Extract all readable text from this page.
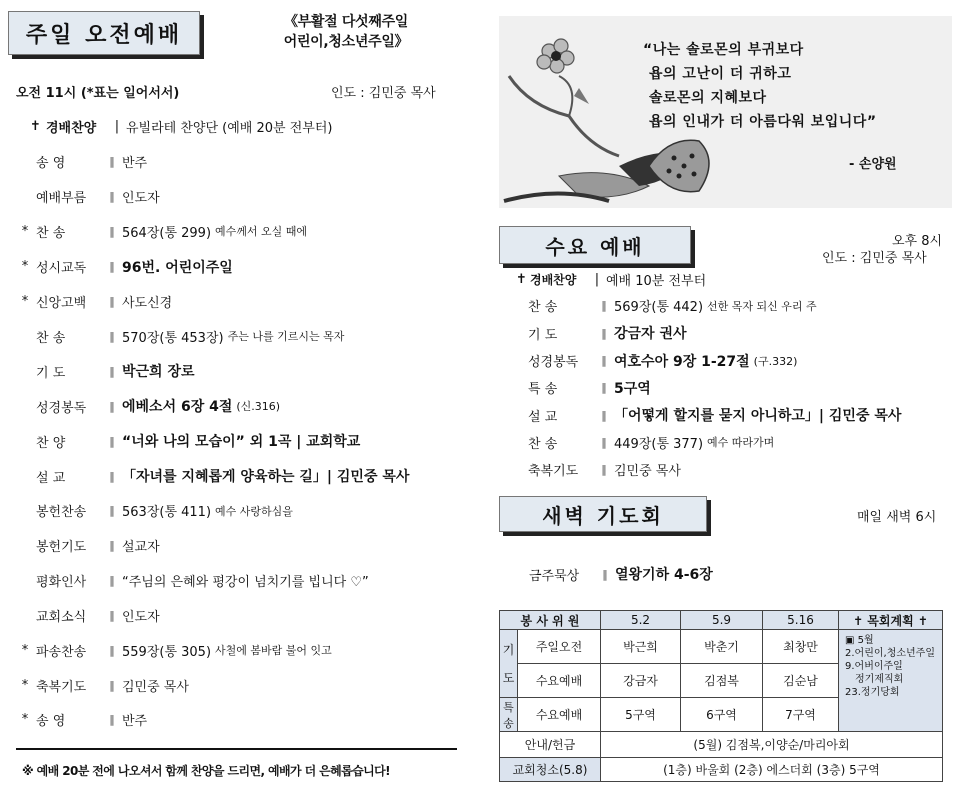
주일 오전예배
《부활절 다섯째주일
어린이,청소년주일》
오전 11시 (*표는 일어서서)	인도 : 김민중 목사
✝ 경배찬양	| 유빌라테 찬양단 (예배 20분 전부터)
송 영	‖ 반주
예배부름	‖ 인도자
* 찬 송	‖ 564장(통 299) 예수께서 오실 때에
* 성시교독	‖ 96번. 어린이주일
* 신앙고백	‖ 사도신경
찬 송	‖ 570장(통 453장) 주는 나를 기르시는 목자
기 도	‖ 박근희 장로
성경봉독	‖ 에베소서 6장 4절 (신.316)
찬 양	‖ “너와 나의 모습이” 외 1곡 | 교회학교
설 교	‖ 「자녀를 지혜롭게 양육하는 길」| 김민중 목사
봉헌찬송	‖ 563장(통 411) 예수 사랑하심을
봉헌기도	‖ 설교자
평화인사	‖ “주님의 은혜와 평강이 넘치기를 빕니다 ♡”
교회소식	‖ 인도자
* 파송찬송	‖ 559장(통 305) 사철에 봄바람 불어 잇고
* 축복기도	‖ 김민중 목사
* 송 영	‖ 반주
※ 예배 20분 전에 나오셔서 함께 찬양을 드리면, 예배가 더 은혜롭습니다!
“나는 솔로몬의 부귀보다
욥의 고난이 더 귀하고
솔로몬의 지혜보다
욥의 인내가 더 아름다워 보입니다”
- 손양원
수요 예배	오후 8시
인도 : 김민중 목사
✝ 경배찬양	| 예배 10분 전부터
찬 송	‖ 569장(통 442) 선한 목자 되신 우리 주
기 도	‖ 강금자 권사
성경봉독	‖ 여호수아 9장 1-27절 (구.332)
특 송	‖ 5구역
설 교	‖ 「어떻게 할지를 묻지 아니하고」| 김민중 목사
찬 송	‖ 449장(통 377) 예수 따라가며
축복기도	‖ 김민중 목사
새벽 기도회	매일 새벽 6시
금주묵상	‖ 열왕기하 4-6장
봉 사 위 원		5.2	5.9	5.16	✝ 목회계획 ✝

기도	주일오전	박근희	박춘기	최창만	▣ 5월
2.어린이,청소년주일
9.어버이주일
정기제직회
23.정기당회

	수요예배	강금자	김점복	김순남	
특송	수요예배	5구역	6구역	7구역	
안내/헌금		(5월) 김점복,이양순/마리아회			
교회청소(5.8)		(1층) 바울회 (2층) 에스더회 (3층) 5구역			
